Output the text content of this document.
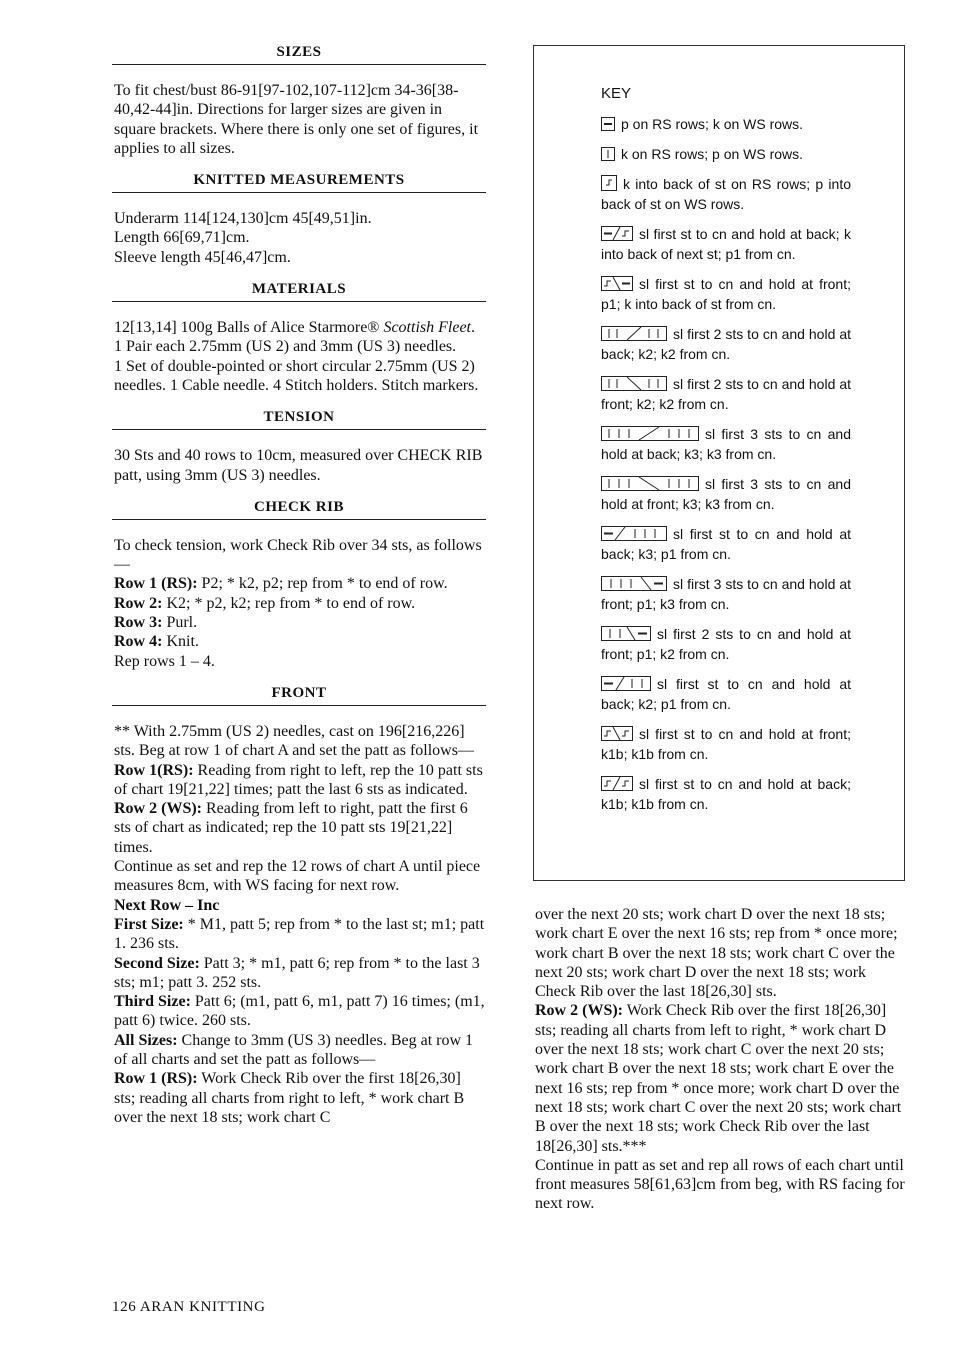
SIZES

To fit chest/bust 86-91[97-102,107-112]cm 34-36[38-40,42-44]in. Directions for larger sizes are given in square brackets. Where there is only one set of figures, it applies to all sizes.

KNITTED MEASUREMENTS

Underarm 114[124,130]cm 45[49,51]in.

Length 66[69,71]cm.

Sleeve length 45[46,47]cm.

MATERIALS

12[13,14] 100g Balls of Alice Starmore® Scottish Fleet.

1 Pair each 2.75mm (US 2) and 3mm (US 3) needles.

1 Set of double-pointed or short circular 2.75mm (US 2) needles. 1 Cable needle. 4 Stitch holders. Stitch markers.

TENSION

30 Sts and 40 rows to 10cm, measured over CHECK RIB patt, using 3mm (US 3) needles.

CHECK RIB

To check tension, work Check Rib over 34 sts, as follows—

Row 1 (RS): P2; * k2, p2; rep from * to end of row.

Row 2: K2; * p2, k2; rep from * to end of row.

Row 3: Purl.

Row 4: Knit.

Rep rows 1 – 4.

FRONT

** With 2.75mm (US 2) needles, cast on 196[216,226] sts. Beg at row 1 of chart A and set the patt as follows—

Row 1(RS): Reading from right to left, rep the 10 patt sts of chart 19[21,22] times; patt the last 6 sts as indicated.

Row 2 (WS): Reading from left to right, patt the first 6 sts of chart as indicated; rep the 10 patt sts 19[21,22] times.

Continue as set and rep the 12 rows of chart A until piece measures 8cm, with WS facing for next row.

Next Row – Inc

First Size: * M1, patt 5; rep from * to the last st; m1; patt 1. 236 sts.

Second Size: Patt 3; * m1, patt 6; rep from * to the last 3 sts; m1; patt 3. 252 sts.

Third Size: Patt 6; (m1, patt 6, m1, patt 7) 16 times; (m1, patt 6) twice. 260 sts.

All Sizes: Change to 3mm (US 3) needles. Beg at row 1 of all charts and set the patt as follows—

Row 1 (RS): Work Check Rib over the first 18[26,30] sts; reading all charts from right to left, * work chart B over the next 18 sts; work chart C

KEY
p on RS rows; k on WS rows.
k on RS rows; p on WS rows.
k into back of st on RS rows; p into back of st on WS rows.
sl first st to cn and hold at back; k into back of next st; p1 from cn.
sl first st to cn and hold at front; p1; k into back of st from cn.
sl first 2 sts to cn and hold at back; k2; k2 from cn.
sl first 2 sts to cn and hold at front; k2; k2 from cn.
sl first 3 sts to cn and hold at back; k3; k3 from cn.
sl first 3 sts to cn and hold at front; k3; k3 from cn.
sl first st to cn and hold at back; k3; p1 from cn.
sl first 3 sts to cn and hold at front; p1; k3 from cn.
sl first 2 sts to cn and hold at front; p1; k2 from cn.
sl first st to cn and hold at back; k2; p1 from cn.
sl first st to cn and hold at front; k1b; k1b from cn.
sl first st to cn and hold at back; k1b; k1b from cn.

over the next 20 sts; work chart D over the next 18 sts; work chart E over the next 16 sts; rep from * once more; work chart B over the next 18 sts; work chart C over the next 20 sts; work chart D over the next 18 sts; work Check Rib over the last 18[26,30] sts.

Row 2 (WS): Work Check Rib over the first 18[26,30] sts; reading all charts from left to right, * work chart D over the next 18 sts; work chart C over the next 20 sts; work chart B over the next 18 sts; work chart E over the next 16 sts; rep from * once more; work chart D over the next 18 sts; work chart C over the next 20 sts; work chart B over the next 18 sts; work Check Rib over the last 18[26,30] sts.***

Continue in patt as set and rep all rows of each chart until front measures 58[61,63]cm from beg, with RS facing for next row.

126 ARAN KNITTING
